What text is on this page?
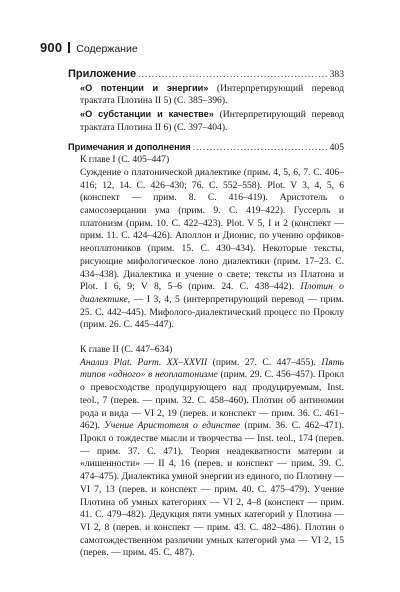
900 Содержание
Приложение .....	383

«О потенции и энергии» (Интерпретирующий перевод трактата Плотина II 5) (С. 385–396).

«О субстанции и качестве» (Интерпретирующий перевод трактата Плотина II 6) (С. 397–404).

Примечания и дополнения .....	405

К главе I (С. 405–447)

Суждение о платонической диалектике (прим. 4, 5, 6, 7. С. 406–416; 12, 14. С. 426–430; 76. С. 552–558). Plot. V 3, 4, 5, 6 (конспект — прим. 8. С. 416–419). Аристотель о самосозерцании ума (прим. 9. С. 419–422). Гуссерль и платонизм (прим. 10. С. 422–423). Plot. V 5, I и 2 (конспект — прим. 11. С. 424–426). Аполлон и Дионис, по учению орфиков-неоплатоников (прим. 15. С. 430–434). Некоторые тексты, рисующие мифологическое лоно диалектики (прим. 17–23. С. 434–438). Диалектика и учение о свете; тексты из Платона и Plot. I 6, 9; V 8, 5–6 (прим. 24. С. 438–442). Плотин о диалектике, — I 3, 4, 5 (интерпретирующий перевод — прим. 25. С. 442–445). Мифолого-диалектический процесс по Проклу (прим. 26. С. 445–447).

К главе II (С. 447–634)

Анализ Plat. Parm. XX–XXVII (прим. 27. С. 447–455). Пять типов «одного» в неоплатонизме (прим. 29. С. 456–457). Прокл о превосходстве продуцирующего над продуцируемым, Inst. teol., 7 (перев. — прим. 32. С. 458–460). Плотин об антиномии рода и вида — VI 2, 19 (перев. и конспект — прим. 36. С. 461–462). Учение Аристотеля о единстве (прим. 36. С. 462–471). Прокл о тождестве мысли и творчества — Inst. teol., 174 (перев. — прим. 37. С. 471). Теория неадекватности материи и «лишенности» — II 4, 16 (перев. и конспект — прим. 39. С. 474–475). Диалектика умной энергии из единого, по Плотину — VI 7, 13 (перев. и конспект — прим. 40. С. 475–479). Учение Плотина об умных категориях — VI 2, 4–8 (конспект — прим. 41. С. 479–482). Дедукция пяти умных категорий у Плотина — VI 2, 8 (перев. и конспект — прим. 43. С. 482–486). Плотин о самотождественном различии умных категорий ума — VI 2, 15 (перев. — прим. 45. С. 487).
